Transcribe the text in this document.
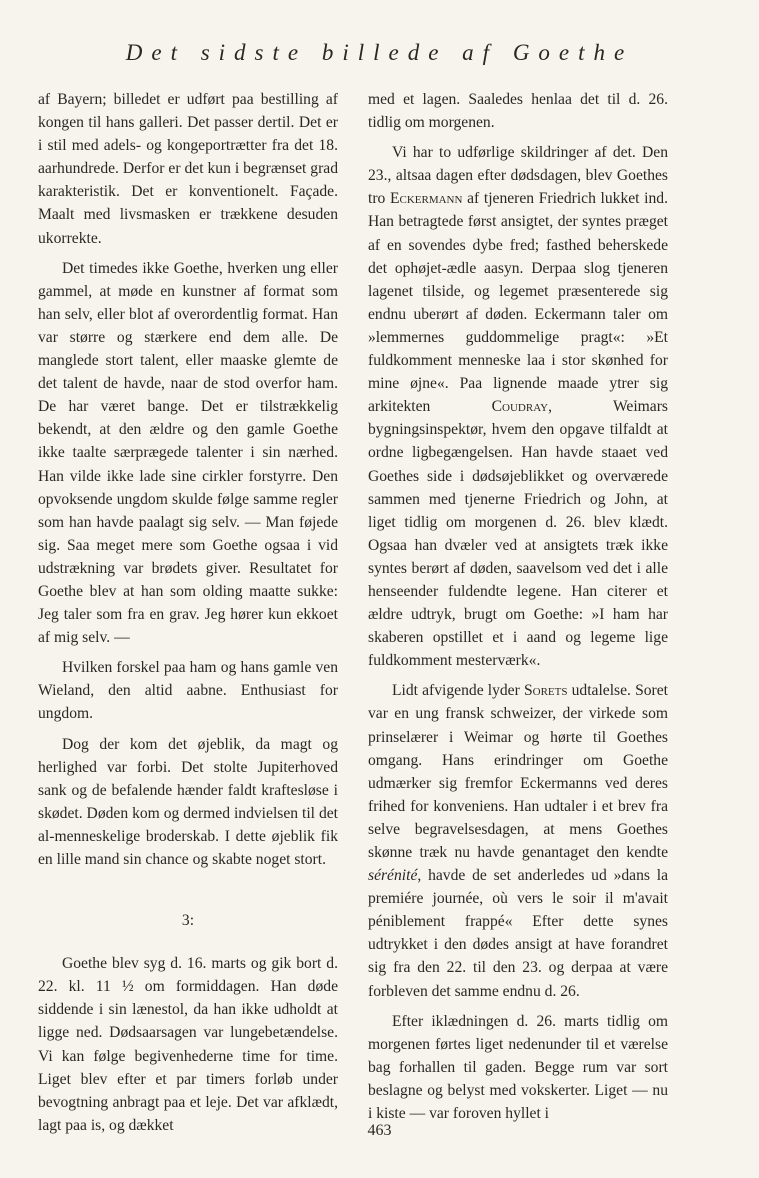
Det sidste billede af Goethe

af Bayern; billedet er udført paa bestilling af kongen til hans galleri. Det passer dertil. Det er i stil med adels- og kongeportrætter fra det 18. aarhundrede. Derfor er det kun i begrænset grad karakteristik. Det er konventionelt. Façade. Maalt med livsmasken er trækkene desuden ukorrekte.

Det timedes ikke Goethe, hverken ung eller gammel, at møde en kunstner af format som han selv, eller blot af overordentlig format. Han var større og stærkere end dem alle. De manglede stort talent, eller maaske glemte de det talent de havde, naar de stod overfor ham. De har været bange. Det er tilstrækkelig bekendt, at den ældre og den gamle Goethe ikke taalte særprægede talenter i sin nærhed. Han vilde ikke lade sine cirkler forstyrre. Den opvoksende ungdom skulde følge samme regler som han havde paalagt sig selv. — Man føjede sig. Saa meget mere som Goethe ogsaa i vid udstrækning var brødets giver. Resultatet for Goethe blev at han som olding maatte sukke: Jeg taler som fra en grav. Jeg hører kun ekkoet af mig selv. —

Hvilken forskel paa ham og hans gamle ven Wieland, den altid aabne. Enthusiast for ungdom.

Dog der kom det øjeblik, da magt og herlighed var forbi. Det stolte Jupiterhoved sank og de befalende hænder faldt kraftesløse i skødet. Døden kom og dermed indvielsen til det al-menneskelige broderskab. I dette øjeblik fik en lille mand sin chance og skabte noget stort.

3:

Goethe blev syg d. 16. marts og gik bort d. 22. kl. 11 ½ om formiddagen. Han døde siddende i sin lænestol, da han ikke udholdt at ligge ned. Dødsaarsagen var lungebetændelse. Vi kan følge begivenhederne time for time. Liget blev efter et par timers forløb under bevogtning anbragt paa et leje. Det var afklædt, lagt paa is, og dækket

med et lagen. Saaledes henlaa det til d. 26. tidlig om morgenen.

Vi har to udførlige skildringer af det. Den 23., altsaa dagen efter dødsdagen, blev Goethes tro Eckermann af tjeneren Friedrich lukket ind. Han betragtede først ansigtet, der syntes præget af en sovendes dybe fred; fasthed beherskede det ophøjet-ædle aasyn. Derpaa slog tjeneren lagenet tilside, og legemet præsenterede sig endnu uberørt af døden. Eckermann taler om »lemmernes guddommelige pragt«: »Et fuldkomment menneske laa i stor skønhed for mine øjne«. Paa lignende maade ytrer sig arkitekten Coudray, Weimars bygningsinspektør, hvem den opgave tilfaldt at ordne ligbegængelsen. Han havde staaet ved Goethes side i dødsøjeblikket og overværede sammen med tjenerne Friedrich og John, at liget tidlig om morgenen d. 26. blev klædt. Ogsaa han dvæler ved at ansigtets træk ikke syntes berørt af døden, saavelsom ved det i alle henseender fuldendte legene. Han citerer et ældre udtryk, brugt om Goethe: »I ham har skaberen opstillet et i aand og legeme lige fuldkomment mesterværk«.

Lidt afvigende lyder Sorets udtalelse. Soret var en ung fransk schweizer, der virkede som prinselærer i Weimar og hørte til Goethes omgang. Hans erindringer om Goethe udmærker sig fremfor Eckermanns ved deres frihed for konveniens. Han udtaler i et brev fra selve begravelsesdagen, at mens Goethes skønne træk nu havde genantaget den kendte sérénité, havde de set anderledes ud »dans la premiére journée, où vers le soir il m'avait péniblement frappé« Efter dette synes udtrykket i den dødes ansigt at have forandret sig fra den 22. til den 23. og derpaa at være forbleven det samme endnu d. 26.

Efter iklædningen d. 26. marts tidlig om morgenen førtes liget nedenunder til et værelse bag forhallen til gaden. Begge rum var sort beslagne og belyst med vokskerter. Liget — nu i kiste — var foroven hyllet i

463
